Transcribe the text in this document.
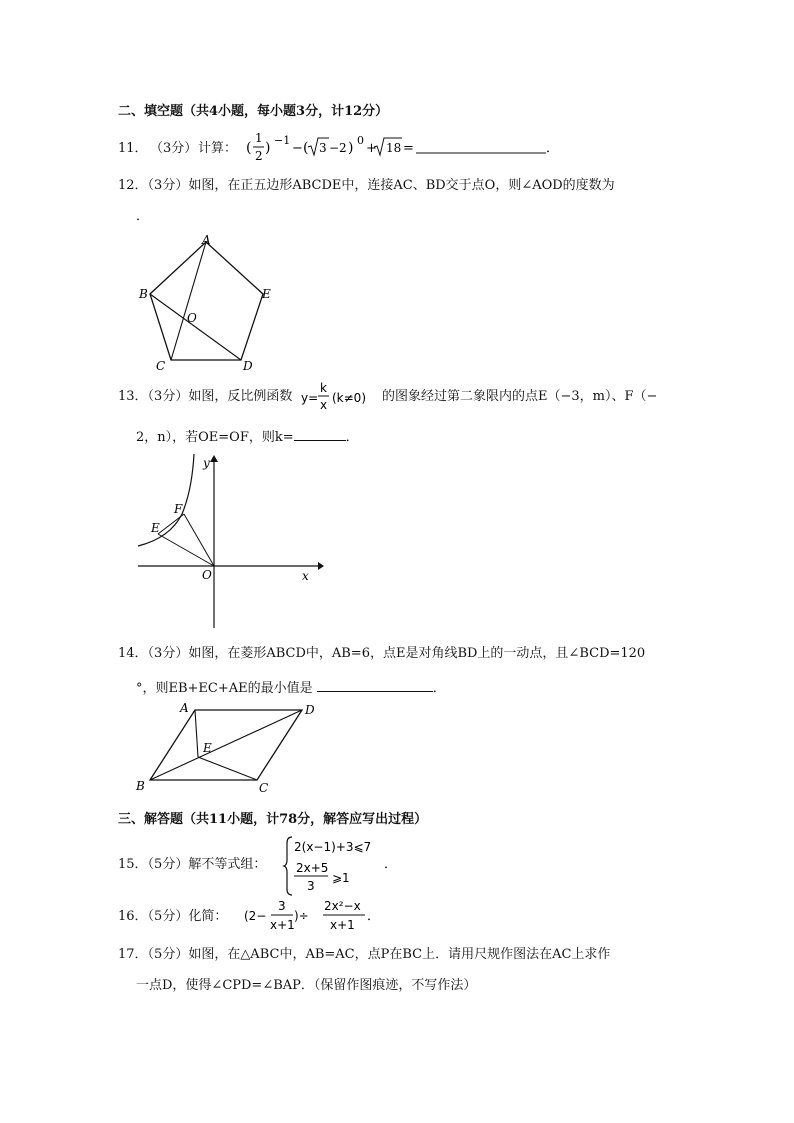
二、填空题（共4小题，每小题3分，计12分）
11． （3分） 计算： (
1
2 ) −1
− ( 3 −2 ) 0
+ 18 =	．
12．（3分）如图，在正五边形ABCDE中，连接AC、BD交于点O，则∠AOD的度数为
．
A
B
C	D
E
O
13．（3分）如图，反比例函数 y=
k
x (k≠0) 的图象经过第二象限内的点E（−3，m）、F（−
2，n），若OE=OF，则k=	．
y
x
O
E
F
14．（3分）如图，在菱形ABCD中，AB=6，点E是对角线BD上的一动点，且∠BCD=120
°，则EB+EC+AE的最小值是	．
A
B	C
D
E
三、解答题（共11小题，计78分，解答应写出过程）
15．（5分）解不等式组：
2(x−1)+3⩽7
2x+5
3
⩾1
．
16．（5分）化简： (2−
3
x+1
)÷
2x²−x
x+1
．
17．（5分）如图，在△ABC中，AB=AC，点P在BC上．请用尺规作图法在AC上求作
一点D，使得∠CPD=∠BAP．（保留作图痕迹，不写作法）
